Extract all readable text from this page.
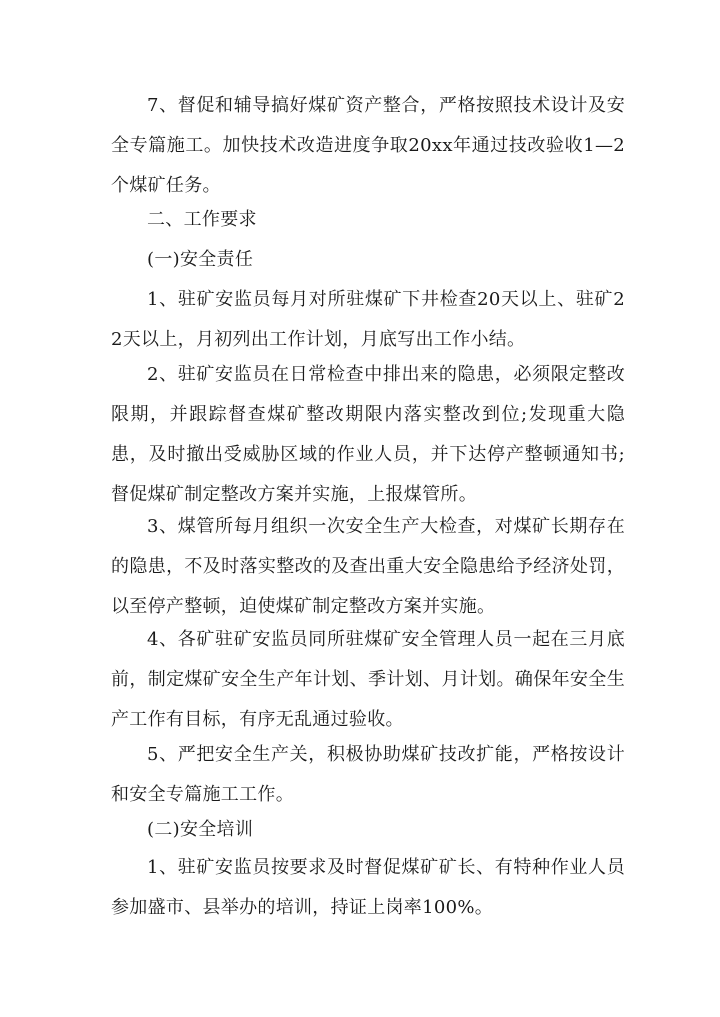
7、督促和辅导搞好煤矿资产整合，严格按照技术设计及安全专篇施工。加快技术改造进度争取20xx年通过技改验收1—2个煤矿任务。

二、工作要求

(一)安全责任

1、驻矿安监员每月对所驻煤矿下井检查20天以上、驻矿22天以上，月初列出工作计划，月底写出工作小结。

2、驻矿安监员在日常检查中排出来的隐患，必须限定整改限期，并跟踪督查煤矿整改期限内落实整改到位;发现重大隐患，及时撤出受威胁区域的作业人员，并下达停产整顿通知书;督促煤矿制定整改方案并实施，上报煤管所。

3、煤管所每月组织一次安全生产大检查，对煤矿长期存在的隐患，不及时落实整改的及查出重大安全隐患给予经济处罚，以至停产整顿，迫使煤矿制定整改方案并实施。

4、各矿驻矿安监员同所驻煤矿安全管理人员一起在三月底前，制定煤矿安全生产年计划、季计划、月计划。确保年安全生产工作有目标，有序无乱通过验收。

5、严把安全生产关，积极协助煤矿技改扩能，严格按设计和安全专篇施工工作。

(二)安全培训

1、驻矿安监员按要求及时督促煤矿矿长、有特种作业人员参加盛市、县举办的培训，持证上岗率100%。
